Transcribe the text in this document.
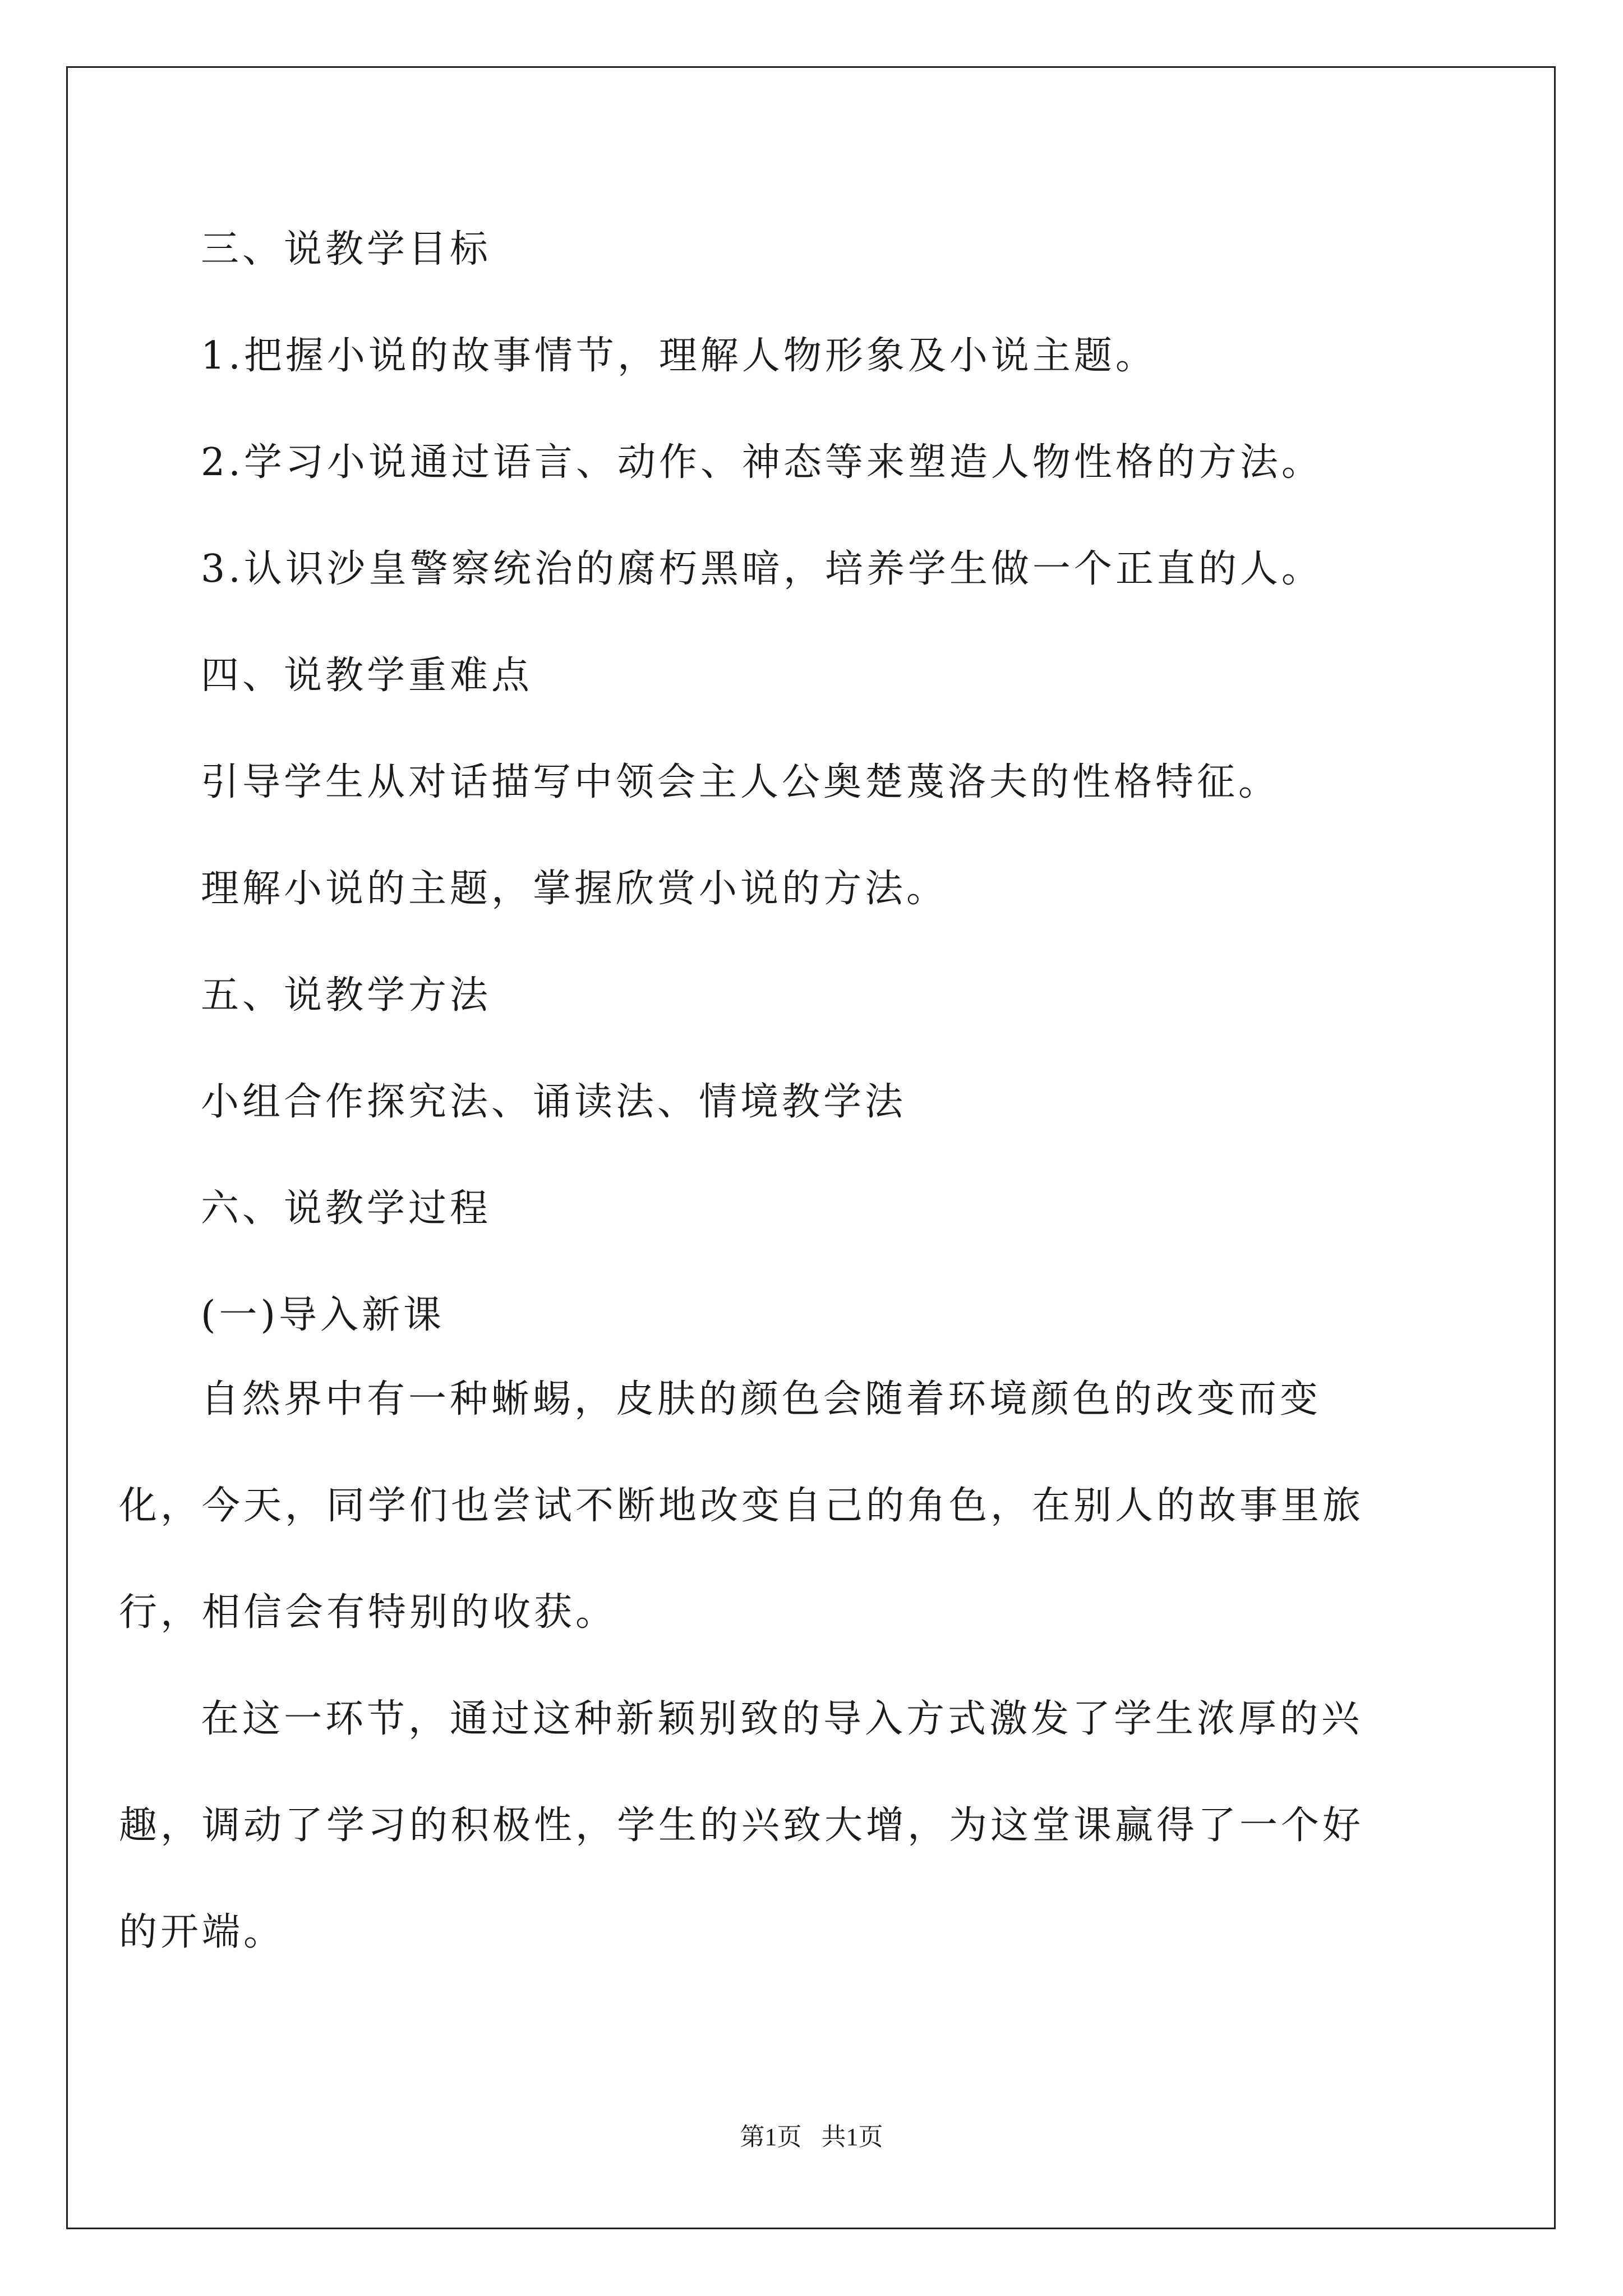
三、说教学目标
1.把握小说的故事情节，理解人物形象及小说主题。
2.学习小说通过语言、动作、神态等来塑造人物性格的方法。
3.认识沙皇警察统治的腐朽黑暗，培养学生做一个正直的人。
四、说教学重难点
引导学生从对话描写中领会主人公奥楚蔑洛夫的性格特征。
理解小说的主题，掌握欣赏小说的方法。
五、说教学方法
小组合作探究法、诵读法、情境教学法
六、说教学过程
(一)导入新课
自然界中有一种蜥蜴，皮肤的颜色会随着环境颜色的改变而变化，今天，同学们也尝试不断地改变自己的角色，在别人的故事里旅行，相信会有特别的收获。
在这一环节，通过这种新颖别致的导入方式激发了学生浓厚的兴趣，调动了学习的积极性，学生的兴致大增，为这堂课赢得了一个好的开端。
第1页 共1页
